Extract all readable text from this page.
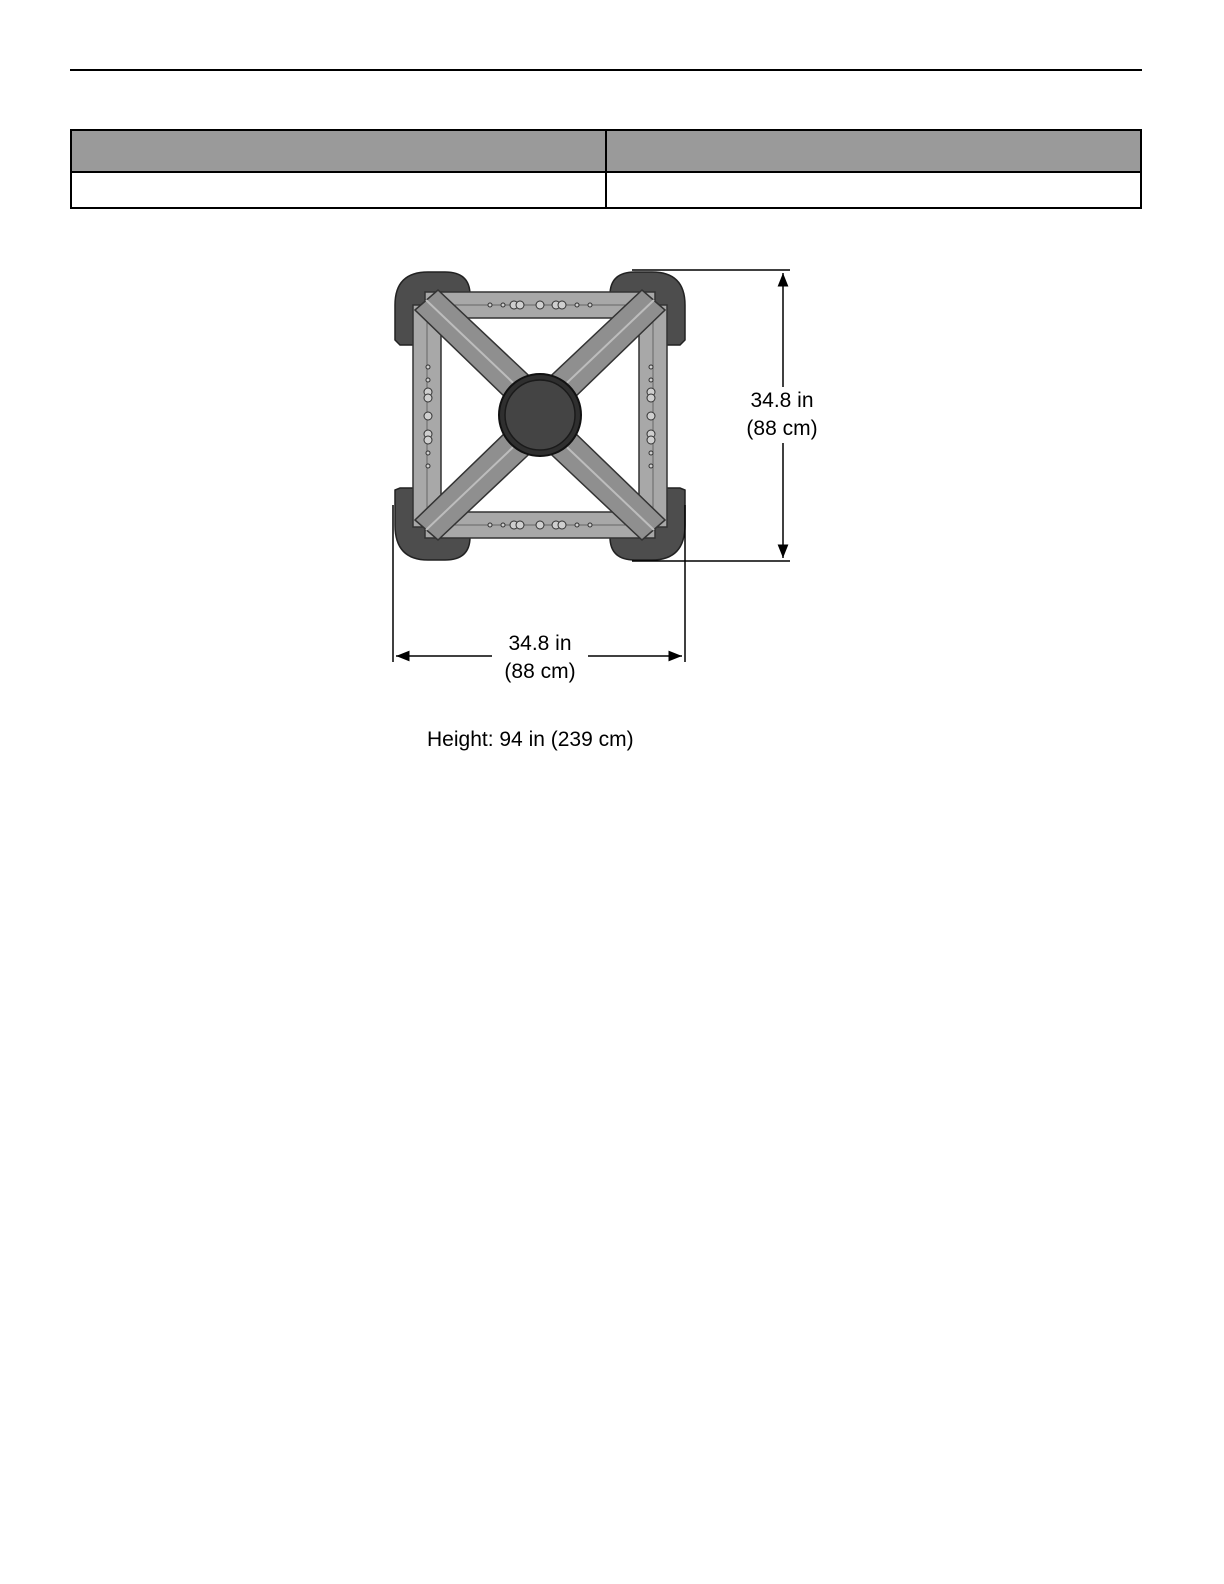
34.8 in
(88 cm)
34.8 in
(88 cm)
Height: 94 in (239 cm)
